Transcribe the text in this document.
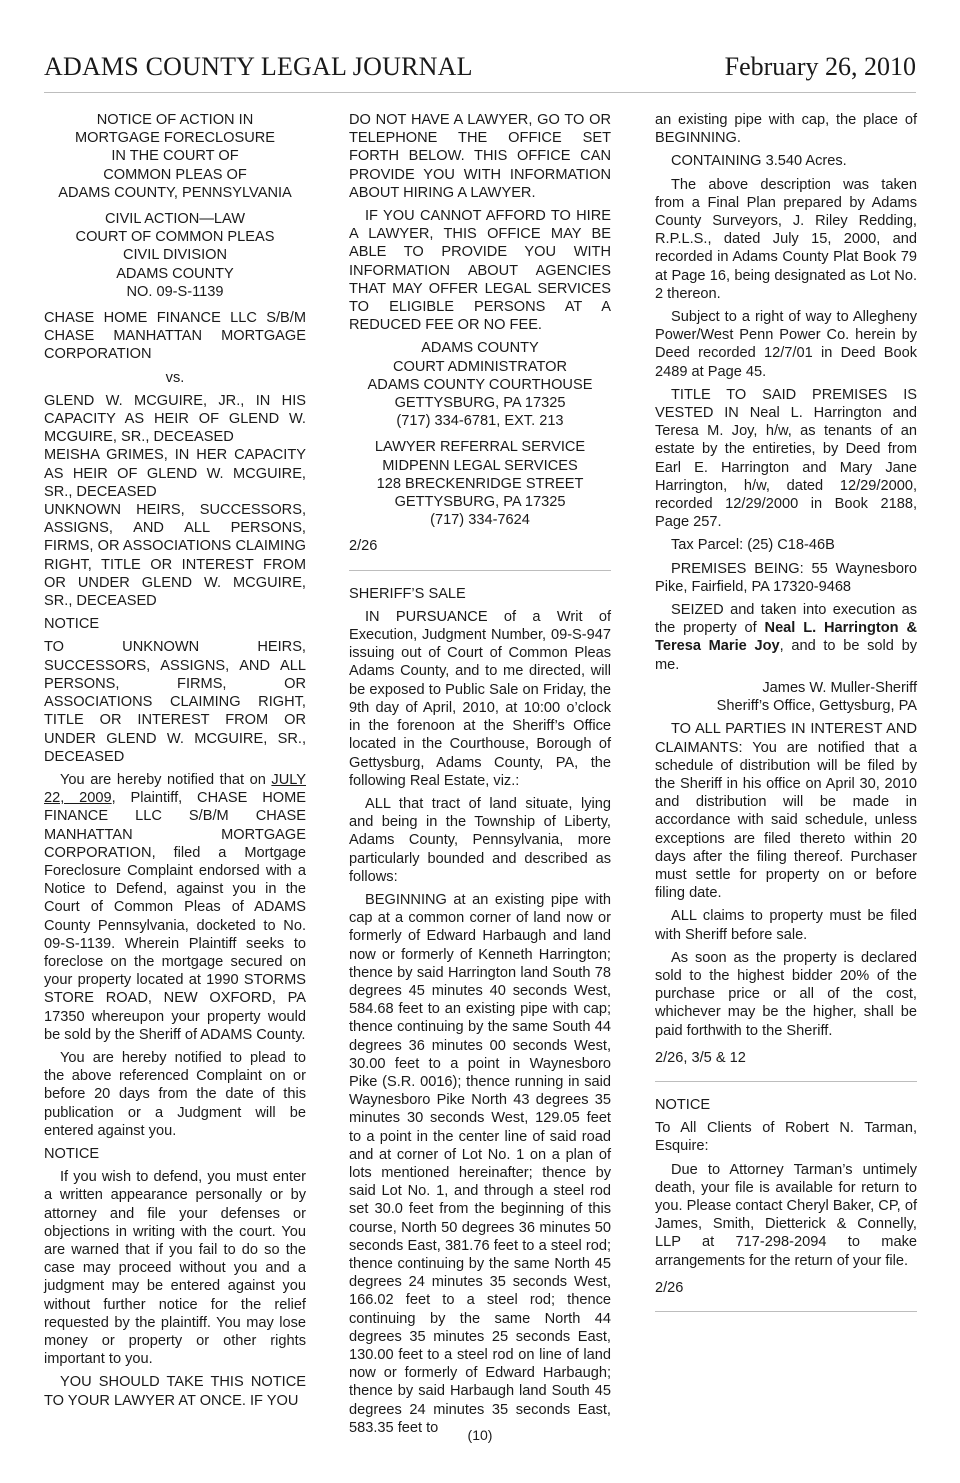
ADAMS COUNTY LEGAL JOURNAL	February 26, 2010
NOTICE OF ACTION IN
MORTGAGE FORECLOSURE
IN THE COURT OF
COMMON PLEAS OF
ADAMS COUNTY, PENNSYLVANIA
CIVIL ACTION—LAW
COURT OF COMMON PLEAS
CIVIL DIVISION
ADAMS COUNTY
NO. 09-S-1139

CHASE HOME FINANCE LLC S/B/M CHASE MANHATTAN MORTGAGE CORPORATION

vs.

GLEND W. MCGUIRE, JR., IN HIS CAPACITY AS HEIR OF GLEND W. MCGUIRE, SR., DECEASED

MEISHA GRIMES, IN HER CAPACITY AS HEIR OF GLEND W. MCGUIRE, SR., DECEASED

UNKNOWN HEIRS, SUCCESSORS, ASSIGNS, AND ALL PERSONS, FIRMS, OR ASSOCIATIONS CLAIMING RIGHT, TITLE OR INTEREST FROM OR UNDER GLEND W. MCGUIRE, SR., DECEASED

NOTICE

TO UNKNOWN HEIRS, SUCCESSORS, ASSIGNS, AND ALL PERSONS, FIRMS, OR ASSOCIATIONS CLAIMING RIGHT, TITLE OR INTEREST FROM OR UNDER GLEND W. MCGUIRE, SR., DECEASED

You are hereby notified that on JULY 22, 2009, Plaintiff, CHASE HOME FINANCE LLC S/B/M CHASE MANHATTAN MORTGAGE CORPORATION, filed a Mortgage Foreclosure Complaint endorsed with a Notice to Defend, against you in the Court of Common Pleas of ADAMS County Pennsylvania, docketed to No. 09-S-1139. Wherein Plaintiff seeks to foreclose on the mortgage secured on your property located at 1990 STORMS STORE ROAD, NEW OXFORD, PA 17350 whereupon your property would be sold by the Sheriff of ADAMS County.

You are hereby notified to plead to the above referenced Complaint on or before 20 days from the date of this publication or a Judgment will be entered against you.

NOTICE

If you wish to defend, you must enter a written appearance personally or by attorney and file your defenses or objections in writing with the court. You are warned that if you fail to do so the case may proceed without you and a judgment may be entered against you without further notice for the relief requested by the plaintiff. You may lose money or property or other rights important to you.

YOU SHOULD TAKE THIS NOTICE TO YOUR LAWYER AT ONCE. IF YOU

DO NOT HAVE A LAWYER, GO TO OR TELEPHONE THE OFFICE SET FORTH BELOW. THIS OFFICE CAN PROVIDE YOU WITH INFORMATION ABOUT HIRING A LAWYER.

IF YOU CANNOT AFFORD TO HIRE A LAWYER, THIS OFFICE MAY BE ABLE TO PROVIDE YOU WITH INFORMATION ABOUT AGENCIES THAT MAY OFFER LEGAL SERVICES TO ELIGIBLE PERSONS AT A REDUCED FEE OR NO FEE.

ADAMS COUNTY
COURT ADMINISTRATOR
ADAMS COUNTY COURTHOUSE
GETTYSBURG, PA 17325
(717) 334-6781, EXT. 213
LAWYER REFERRAL SERVICE
MIDPENN LEGAL SERVICES
128 BRECKENRIDGE STREET
GETTYSBURG, PA 17325
(717) 334-7624

2/26

SHERIFF’S SALE

IN PURSUANCE of a Writ of Execution, Judgment Number, 09-S-947 issuing out of Court of Common Pleas Adams County, and to me directed, will be exposed to Public Sale on Friday, the 9th day of April, 2010, at 10:00 o’clock in the forenoon at the Sheriff’s Office located in the Courthouse, Borough of Gettysburg, Adams County, PA, the following Real Estate, viz.:

ALL that tract of land situate, lying and being in the Township of Liberty, Adams County, Pennsylvania, more particularly bounded and described as follows:

BEGINNING at an existing pipe with cap at a common corner of land now or formerly of Edward Harbaugh and land now or formerly of Kenneth Harrington; thence by said Harrington land South 78 degrees 45 minutes 40 seconds West, 584.68 feet to an existing pipe with cap; thence continuing by the same South 44 degrees 36 minutes 00 seconds West, 30.00 feet to a point in Waynesboro Pike (S.R. 0016); thence running in said Waynesboro Pike North 43 degrees 35 minutes 30 seconds West, 129.05 feet to a point in the center line of said road and at corner of Lot No. 1 on a plan of lots mentioned hereinafter; thence by said Lot No. 1, and through a steel rod set 30.0 feet from the beginning of this course, North 50 degrees 36 minutes 50 seconds East, 381.76 feet to a steel rod; thence continuing by the same North 45 degrees 24 minutes 35 seconds West, 166.02 feet to a steel rod; thence continuing by the same North 44 degrees 35 minutes 25 seconds East, 130.00 feet to a steel rod on line of land now or formerly of Edward Harbaugh; thence by said Harbaugh land South 45 degrees 24 minutes 35 seconds East, 583.35 feet to

an existing pipe with cap, the place of BEGINNING.

CONTAINING 3.540 Acres.

The above description was taken from a Final Plan prepared by Adams County Surveyors, J. Riley Redding, R.P.L.S., dated July 15, 2000, and recorded in Adams County Plat Book 79 at Page 16, being designated as Lot No. 2 thereon.

Subject to a right of way to Allegheny Power/West Penn Power Co. herein by Deed recorded 12/7/01 in Deed Book 2489 at Page 45.

TITLE TO SAID PREMISES IS VESTED IN Neal L. Harrington and Teresa M. Joy, h/w, as tenants of an estate by the entireties, by Deed from Earl E. Harrington and Mary Jane Harrington, h/w, dated 12/29/2000, recorded 12/29/2000 in Book 2188, Page 257.

Tax Parcel: (25) C18-46B

PREMISES BEING: 55 Waynesboro Pike, Fairfield, PA 17320-9468

SEIZED and taken into execution as the property of Neal L. Harrington & Teresa Marie Joy, and to be sold by me.

James W. Muller-Sheriff

Sheriff’s Office, Gettysburg, PA

TO ALL PARTIES IN INTEREST AND CLAIMANTS: You are notified that a schedule of distribution will be filed by the Sheriff in his office on April 30, 2010 and distribution will be made in accordance with said schedule, unless exceptions are filed thereto within 20 days after the filing thereof. Purchaser must settle for property on or before filing date.

ALL claims to property must be filed with Sheriff before sale.

As soon as the property is declared sold to the highest bidder 20% of the purchase price or all of the cost, whichever may be the higher, shall be paid forthwith to the Sheriff.

2/26, 3/5 & 12

NOTICE

To All Clients of Robert N. Tarman, Esquire:

Due to Attorney Tarman’s untimely death, your file is available for return to you. Please contact Cheryl Baker, CP, of James, Smith, Dietterick & Connelly, LLP at 717-298-2094 to make arrangements for the return of your file.

2/26

(10)
